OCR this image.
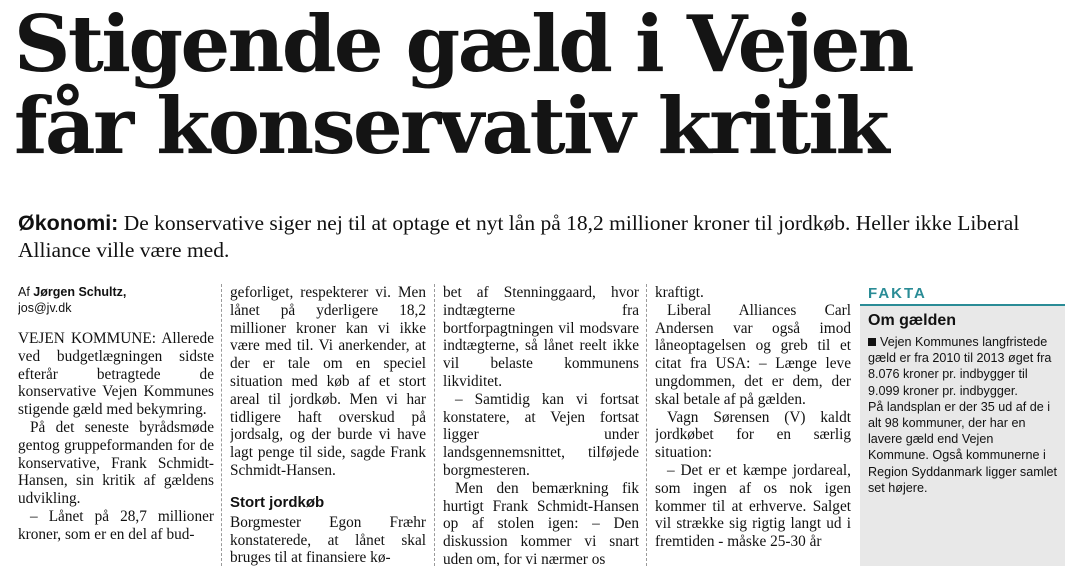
Stigende gæld i Vejen
får konservativ kritik
Økonomi: De konservative siger nej til at optage et nyt lån på 18,2 millioner kroner til jordkøb. Heller ikke Liberal Alliance ville være med.

Af Jørgen Schultz,
jos@jv.dk

VEJEN KOMMUNE: Allerede ved budgetlægningen sidste efterår betragtede de konservative Vejen Kommunes stigende gæld med bekymring.

På det seneste byrådsmøde gentog gruppeformanden for de konservative, Frank Schmidt-Hansen, sin kritik af gældens udvikling.

– Lånet på 28,7 millioner kroner, som er en del af bud-

geforliget, respekterer vi. Men lånet på yderligere 18,2 millioner kroner kan vi ikke være med til. Vi anerkender, at der er tale om en speciel situation med køb af et stort areal til jordkøb. Men vi har tidligere haft overskud på jordsalg, og der burde vi have lagt penge til side, sagde Frank Schmidt-Hansen.

Stort jordkøb

Borgmester Egon Fræhr konstaterede, at lånet skal bruges til at finansiere kø-

bet af Stenninggaard, hvor indtægterne fra bortforpagtningen vil modsvare indtægterne, så lånet reelt ikke vil belaste kommunens likviditet.

– Samtidig kan vi fortsat konstatere, at Vejen fortsat ligger under landsgennemsnittet, tilføjede borgmesteren.

Men den bemærkning fik hurtigt Frank Schmidt-Hansen op af stolen igen: – Den diskussion kommer vi snart uden om, for vi nærmer os

kraftigt.

Liberal Alliances Carl Andersen var også imod låneoptagelsen og greb til et citat fra USA: – Længe leve ungdommen, det er dem, der skal betale af på gælden.

Vagn Sørensen (V) kaldt jordkøbet for en særlig situation:

– Det er et kæmpe jordareal, som ingen af os nok igen kommer til at erhverve. Salget vil strække sig rigtig langt ud i fremtiden - måske 25-30 år

FAKTA

Om gælden

Vejen Kommunes langfristede gæld er fra 2010 til 2013 øget fra 8.076 kroner pr. indbygger til 9.099 kroner pr. indbygger.
På landsplan er der 35 ud af de i alt 98 kommuner, der har en lavere gæld end Vejen Kommune. Også kommunerne i Region Syddanmark ligger samlet set højere.
